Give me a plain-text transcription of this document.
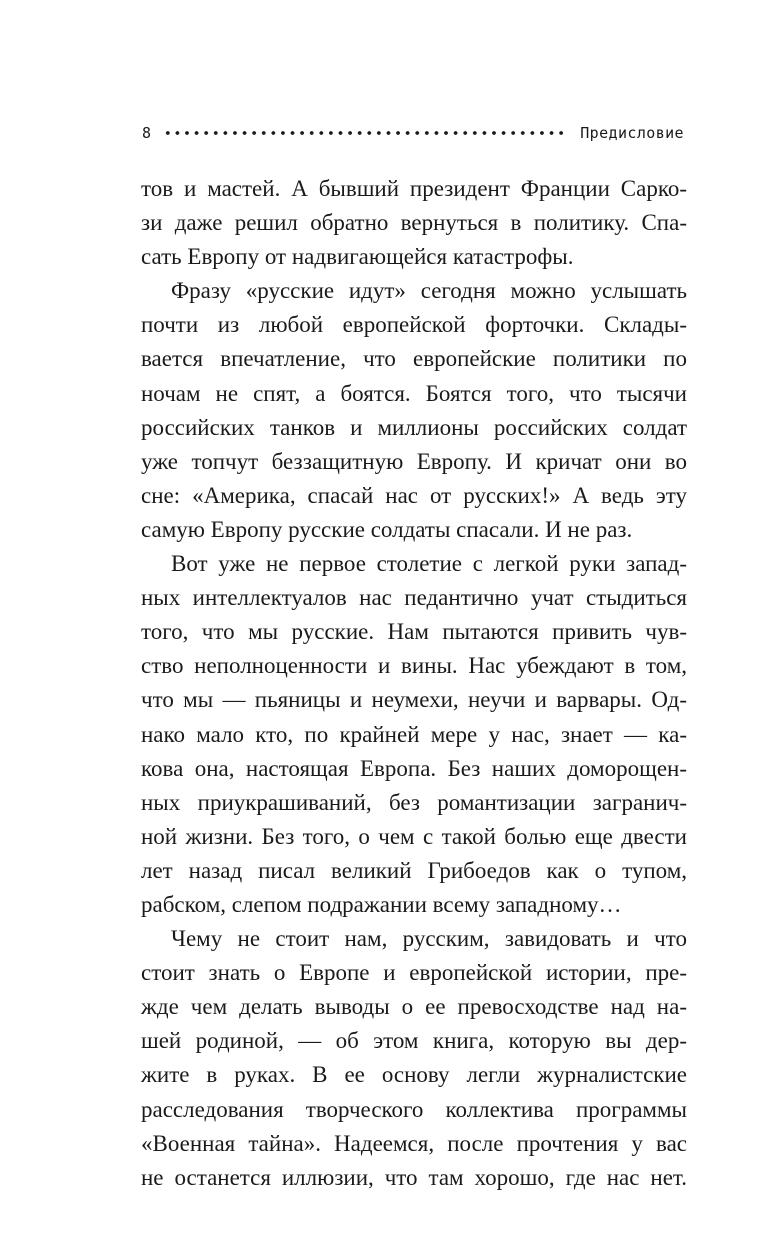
8	Предисловие
тов и мастей. А бывший президент Франции Сарко-
зи даже решил обратно вернуться в политику. Спа-
сать Европу от надвигающейся катастрофы.
Фразу «русские идут» сегодня можно услышать
почти из любой европейской форточки. Склады-
вается впечатление, что европейские политики по
ночам не спят, а боятся. Боятся того, что тысячи
российских танков и миллионы российских солдат
уже топчут беззащитную Европу. И кричат они во
сне: «Америка, спасай нас от русских!» А ведь эту
самую Европу русские солдаты спасали. И не раз.
Вот уже не первое столетие с легкой руки запад-
ных интеллектуалов нас педантично учат стыдиться
того, что мы русские. Нам пытаются привить чув-
ство неполноценности и вины. Нас убеждают в том,
что мы — пьяницы и неумехи, неучи и варвары. Од-
нако мало кто, по крайней мере у нас, знает — ка-
кова она, настоящая Европа. Без наших доморощен-
ных приукрашиваний, без романтизации загранич-
ной жизни. Без того, о чем с такой болью еще двести
лет назад писал великий Грибоедов как о тупом,
рабском, слепом подражании всему западному…
Чему не стоит нам, русским, завидовать и что
стоит знать о Европе и европейской истории, пре-
жде чем делать выводы о ее превосходстве над на-
шей родиной, — об этом книга, которую вы дер-
жите в руках. В ее основу легли журналистские
расследования творческого коллектива программы
«Военная тайна». Надеемся, после прочтения у вас
не останется иллюзии, что там хорошо, где нас нет.
